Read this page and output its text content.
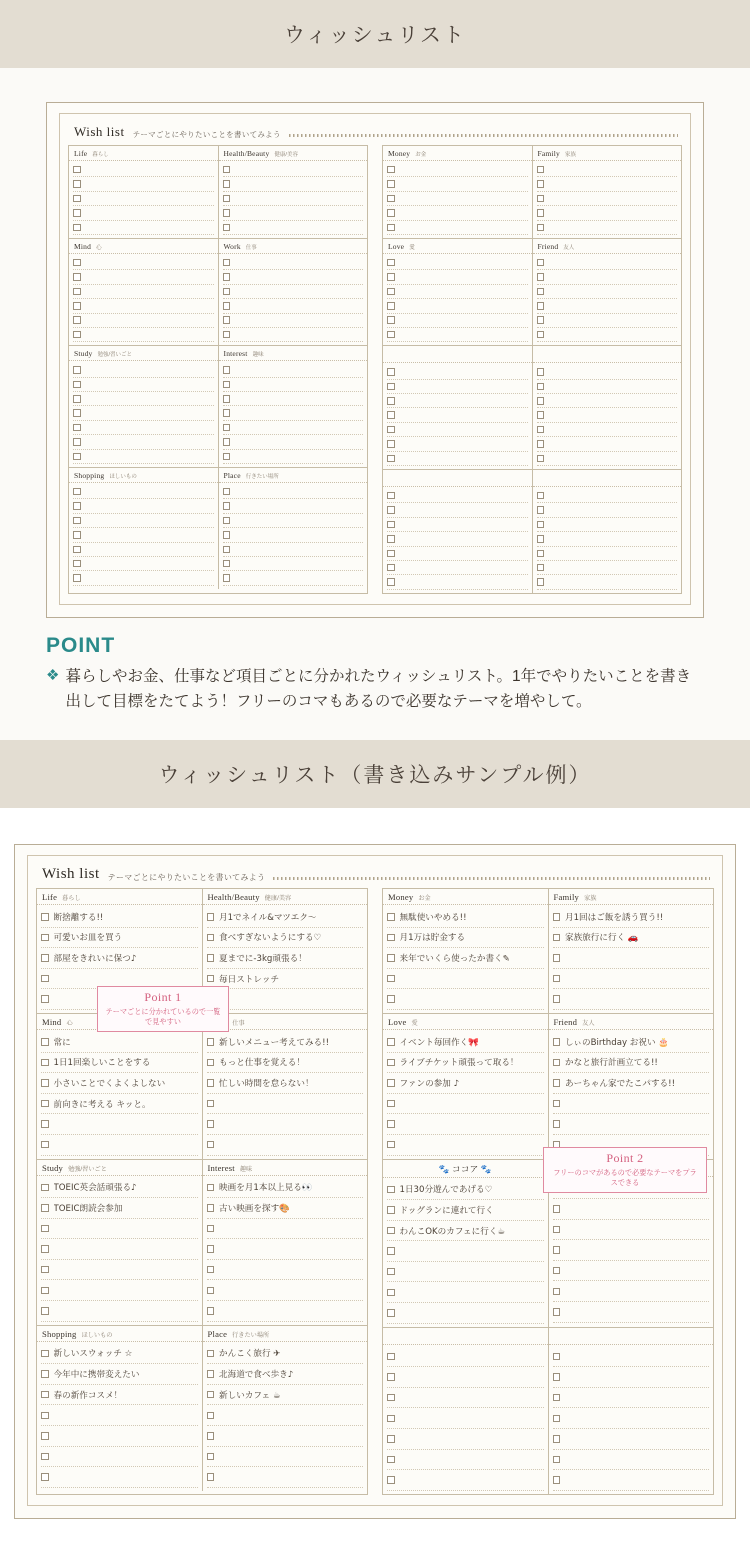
ウィッシュリスト
Wish list テーマごとにやりたいことを書いてみよう
Life 暮らし	Health/Beauty 健康/美容
Mind 心	Work 仕事
Study 勉強/習いごと	Interest 趣味
Shopping ほしいもの	Place 行きたい場所
Money お金	Family 家族
Love 愛	Friend 友人
POINT
❖ 暮らしやお金、仕事など項目ごとに分かれたウィッシュリスト。1年でやりたいことを書き出して目標をたてよう！フリーのコマもあるので必要なテーマを増やして。
ウィッシュリスト（書き込みサンプル例）
Wish list テーマごとにやりたいことを書いてみよう
Life 暮らし
断捨離する!!
可愛いお皿を買う
部屋をきれいに保つ♪
Health/Beauty 健康/美容
月1でネイル&マツエク〜
食べすぎないようにする♡
夏までに-3kg頑張る！
毎日ストレッチ
Mind 心
常に
1日1回楽しいことをする
小さいことでくよくよしない
前向きに考える キッと。
仕事
新しいメニュー考えてみる!!
もっと仕事を覚える！
忙しい時間を怠らない！
Study 勉強/習いごと
TOEIC英会話頑張る♪
TOEIC朗読会参加
Interest 趣味
映画を月1本以上見る👀
古い映画を探す🎨
Shopping ほしいもの
新しいスウォッチ ☆
今年中に携帯変えたい
春の新作コスメ！
Place 行きたい場所
かんこく旅行 ✈︎
北海道で食べ歩き♪
新しいカフェ ☕︎
Point 1
テーマごとに分かれているので一覧で見やすい
Money お金
無駄使いやめる!!
月1万は貯金する
来年でいくら使ったか書く✎
Family 家族
月1回はご飯を誘う買う!!
家族旅行に行く 🚗
Love 愛
イベント毎回作く🎀
ライブチケット頑張って取る！
ファンの参加 ♪
Friend 友人
しぃのBirthday お祝い 🎂
かなと旅行計画立てる!!
あーちゃん家でたこパする!!
🐾 ココア 🐾
1日30分遊んであげる♡
ドッグランに連れて行く
わんこOKのカフェに行く☕︎
Point 2
フリーのコマがあるので必要なテーマをプラスできる
